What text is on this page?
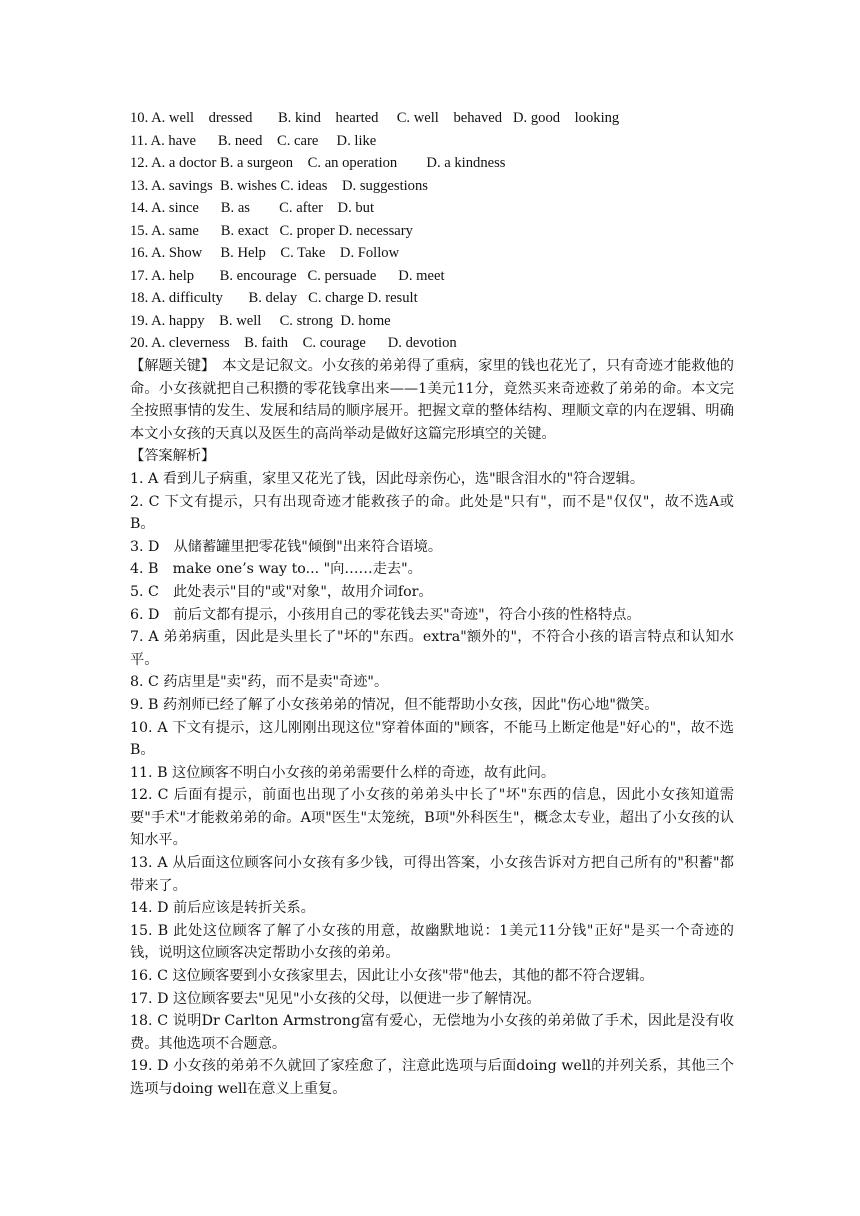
10. A. well    dressed       B. kind    hearted     C. well    behaved   D. good    looking
11. A. have      B. need    C. care     D. like
12. A. a doctor B. a surgeon    C. an operation        D. a kindness
13. A. savings  B. wishes C. ideas    D. suggestions
14. A. since      B. as        C. after    D. but
15. A. same      B. exact   C. proper D. necessary
16. A. Show     B. Help    C. Take    D. Follow
17. A. help       B. encourage   C. persuade      D. meet
18. A. difficulty       B. delay   C. charge D. result
19. A. happy    B. well     C. strong  D. home
20. A. cleverness    B. faith    C. courage      D. devotion
【解题关键】　本文是记叙文。小女孩的弟弟得了重病，家里的钱也花光了，只有奇迹才能救他的命。小女孩就把自己积攒的零花钱拿出来——1美元11分，竟然买来奇迹救了弟弟的命。本文完全按照事情的发生、发展和结局的顺序展开。把握文章的整体结构、理顺文章的内在逻辑、明确本文小女孩的天真以及医生的高尚举动是做好这篇完形填空的关键。
【答案解析】
1. A 看到儿子病重，家里又花光了钱，因此母亲伤心，选"眼含泪水的"符合逻辑。
2. C 下文有提示，只有出现奇迹才能救孩子的命。此处是"只有"，而不是"仅仅"，故不选A或B。
3. D　从储蓄罐里把零花钱"倾倒"出来符合语境。
4. B　make one’s way to... "向……走去"。
5. C　此处表示"目的"或"对象"，故用介词for。
6. D　前后文都有提示，小孩用自己的零花钱去买"奇迹"，符合小孩的性格特点。
7. A 弟弟病重，因此是头里长了"坏的"东西。extra"额外的"，不符合小孩的语言特点和认知水平。
8. C 药店里是"卖"药，而不是卖"奇迹"。
9. B 药剂师已经了解了小女孩弟弟的情况，但不能帮助小女孩，因此"伤心地"微笑。
10. A 下文有提示，这儿刚刚出现这位"穿着体面的"顾客，不能马上断定他是"好心的"，故不选B。
11. B 这位顾客不明白小女孩的弟弟需要什么样的奇迹，故有此问。
12. C 后面有提示，前面也出现了小女孩的弟弟头中长了"坏"东西的信息，因此小女孩知道需要"手术"才能救弟弟的命。A项"医生"太笼统，B项"外科医生"，概念太专业，超出了小女孩的认知水平。
13. A 从后面这位顾客问小女孩有多少钱，可得出答案，小女孩告诉对方把自己所有的"积蓄"都带来了。
14. D 前后应该是转折关系。
15. B 此处这位顾客了解了小女孩的用意，故幽默地说：1美元11分钱"正好"是买一个奇迹的钱，说明这位顾客决定帮助小女孩的弟弟。
16. C 这位顾客要到小女孩家里去，因此让小女孩"带"他去，其他的都不符合逻辑。
17. D 这位顾客要去"见见"小女孩的父母，以便进一步了解情况。
18. C 说明Dr Carlton Armstrong富有爱心，无偿地为小女孩的弟弟做了手术，因此是没有收费。其他选项不合题意。
19. D 小女孩的弟弟不久就回了家痊愈了，注意此选项与后面doing well的并列关系，其他三个选项与doing well在意义上重复。
